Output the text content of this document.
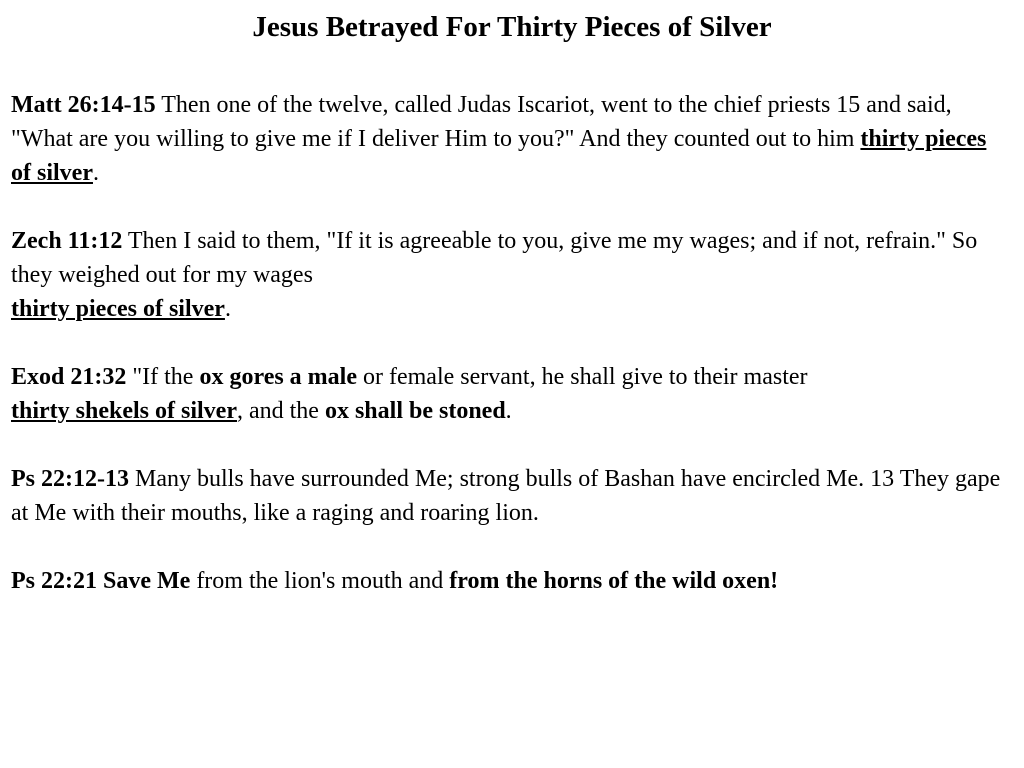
Jesus Betrayed For Thirty Pieces of Silver

Matt 26:14-15 Then one of the twelve, called Judas Iscariot, went to the chief priests 15 and said, "What are you willing to give me if I deliver Him to you?" And they counted out to him thirty pieces of silver.

Zech 11:12 Then I said to them, "If it is agreeable to you, give me my wages; and if not, refrain." So they weighed out for my wages
thirty pieces of silver.

Exod 21:32 "If the ox gores a male or female servant, he shall give to their master
thirty shekels of silver, and the ox shall be stoned.

Ps 22:12-13 Many bulls have surrounded Me; strong bulls of Bashan have encircled Me. 13 They gape at Me with their mouths, like a raging and roaring lion.

Ps 22:21 Save Me from the lion's mouth and from the horns of the wild oxen!
